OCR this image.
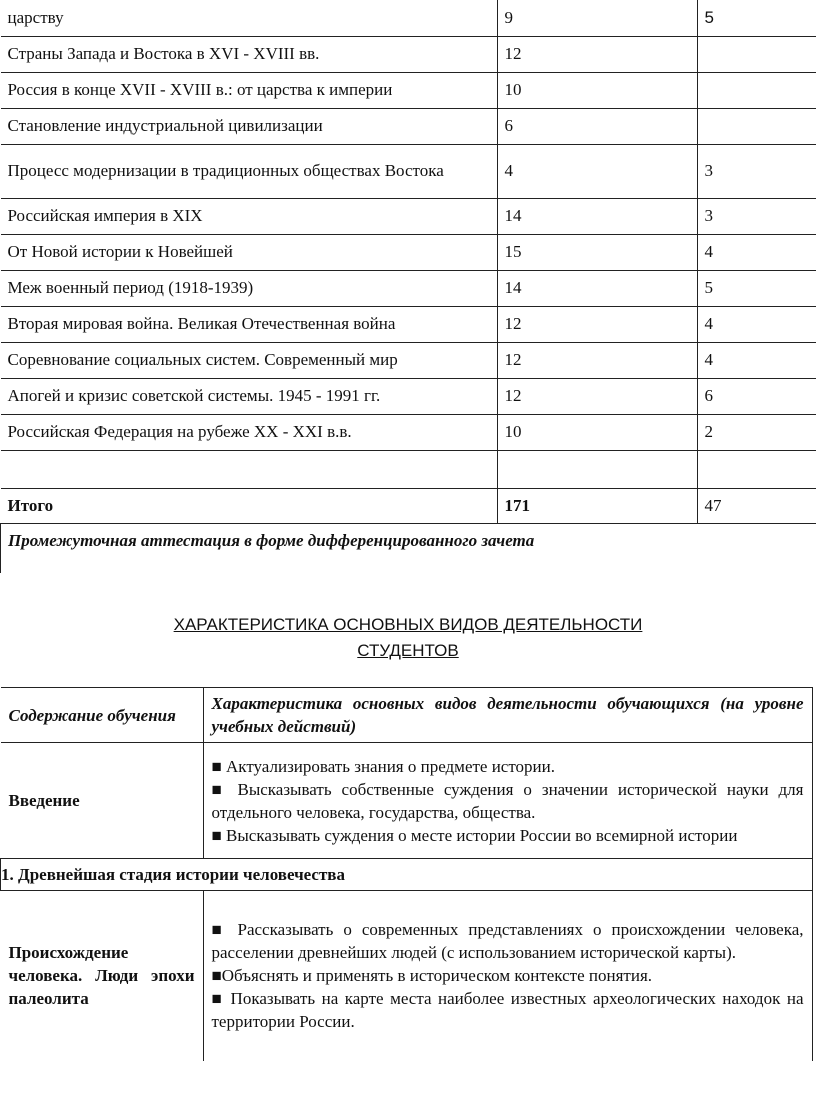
царству	9	5
Страны Запада и Востока в XVI - XVIII вв.	12	
Россия в конце XVII - XVIII в.: от царства к империи	10	
Становление индустриальной цивилизации	6	
Процесс модернизации в традиционных обществах Востока	4	3
Российская империя в XIX	14	3
От Новой истории к Новейшей	15	4
Меж военный период (1918-1939)	14	5
Вторая мировая война. Великая Отечественная война	12	4
Соревнование социальных систем. Современный мир	12	4
Апогей и кризис советской системы. 1945 - 1991 гг.	12	6
Российская Федерация на рубеже XX - XXI в.в.	10	2

Итого	171	47
Промежуточная аттестация в форме дифференцированного зачета		
ХАРАКТЕРИСТИКА ОСНОВНЫХ ВИДОВ ДЕЯТЕЛЬНОСТИ
СТУДЕНТОВ
Содержание обучения	Характеристика основных видов деятельности обучающихся (на уровне учебных действий)
Введение	■ Актуализировать знания о предмете истории.
■ Высказывать собственные суждения о значении исторической науки для отдельного человека, государства, общества.
■ Высказывать суждения о месте истории России во всемирной истории

1. Древнейшая стадия истории человечества	
Происхождение человека. Люди эпохи палеолита	■ Рассказывать о современных представлениях о происхождении человека, расселении древнейших людей (с использованием исторической карты).
■Объяснять и применять в историческом контексте понятия.
■ Показывать на карте места наиболее известных археологических находок на территории России.
